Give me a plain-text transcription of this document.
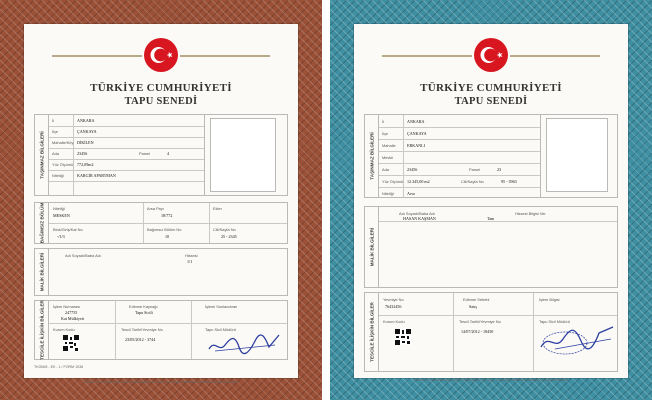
TÜRKİYE CUMHURİYETİ
TAPU SENEDİ
TAŞINMAZ BİLGİLERİ
İl	ANKARA
İlçe	ÇANKAYA
Mahalle/Köy DİKİLEN
Ada	23456	Parsel	4
Yüz Ölçümü 772,09m2
Niteliği	KARGİR APARTMAN
BAĞIMSIZ BÖLÜM Niteliği
MESKEN
Arsa Payı
18/772
Ekler
Blok/Giriş/Kat No
-/1/3
Bağımsız Bölüm No
10
Cilt/Sayfa No
25 - 2345
MALİK BİLGİLERİ	Adı Soyadı/Baba Adı	Hissesi
1/1
TESCİLE İLİŞKİN BİLGİLER İşlem Numarası
247755
Kat Mülkiyeti
Edinme Kaynağı
Tapu Sicili
İşlemi Sonlandıran
Kurum Kodu	Tescil Tarihi/Yevmiye No
23/05/2012 - 3744
Tapu Sicil Müdürü
TKGM/8 - EK - 1 / FORM 1038
Hüküm ve onaylar tapu sicil müdürlüğüne ait olup, bu belge elektronik ortamda oluşturulmuştur.
TÜRKİYE CUMHURİYETİ
TAPU SENEDİ
TAŞINMAZ BİLGİLERİ
İl	ANKARA
İlçe	ÇANKAYA
Mahalle	ERKANLI
Mevkii
Ada	23456	Parsel	23
Yüz Ölçümü 12.345,00 m2	Cilt/Sayfa No	95 - 3963
Niteliği	Arsa
MALİK BİLGİLERİ
Adı Soyadı/Baba Adı
HASAN KAŞMAN
Hissesi Bilgisi Ver
Tam
TESCİLE İLİŞKİN BİLGİLER
Yevmiye No
76432456
Edinme Sebebi
Satış
İşlem Bilgisi
Kurum Kodu	Tescil Tarihi/Yevmiye No
14/07/2012 - 18450
Tapu Sicil Müdürü
Hüküm ve onaylar tapu sicil müdürlüğüne ait olup, bu belge elektronik ortamda oluşturulmuştur.
